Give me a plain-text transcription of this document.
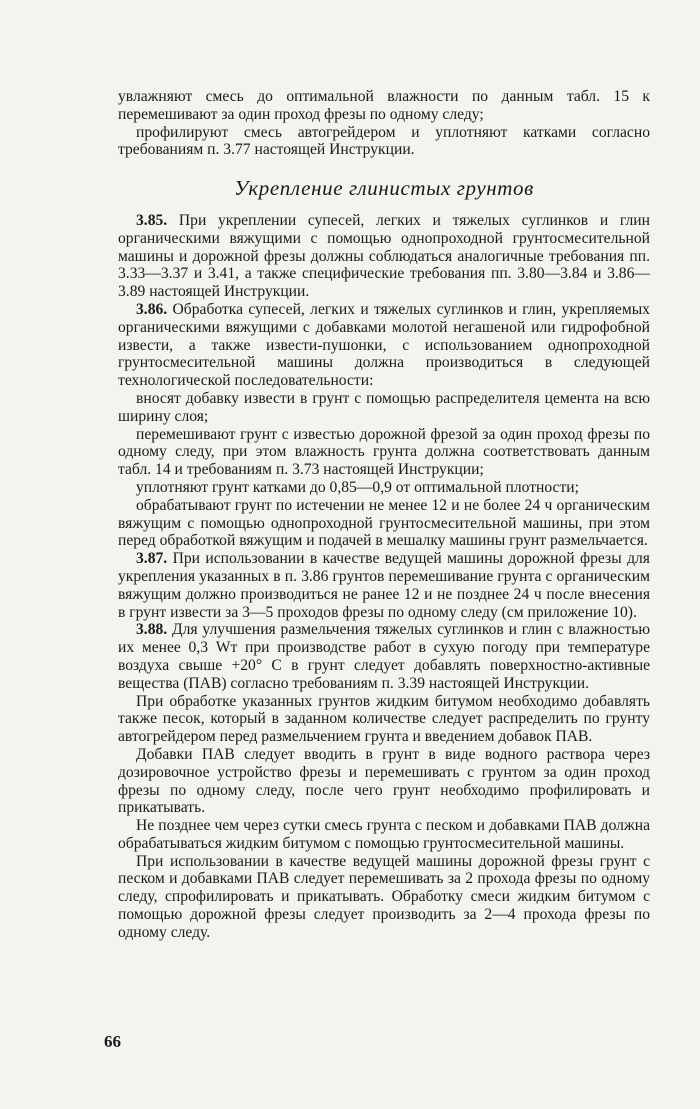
увлажняют смесь до оптимальной влажности по данным табл. 15 к перемешивают за один проход фрезы по одному следу;

профилируют смесь автогрейдером и уплотняют катками согласно требованиям п. 3.77 настоящей Инструкции.

Укрепление глинистых грунтов

3.85. При укреплении супесей, легких и тяжелых суглинков и глин органическими вяжущими с помощью однопроходной грунтосмесительной машины и дорожной фрезы должны соблюдаться аналогичные требования пп. 3.33—3.37 и 3.41, а также специфические требования пп. 3.80—3.84 и 3.86—3.89 настоящей Инструкции.

3.86. Обработка супесей, легких и тяжелых суглинков и глин, укрепляемых органическими вяжущими с добавками молотой негашеной или гидрофобной извести, а также извести-пушонки, с использованием однопроходной грунтосмесительной машины должна производиться в следующей технологической последовательности:

вносят добавку извести в грунт с помощью распределителя цемента на всю ширину слоя;

перемешивают грунт с известью дорожной фрезой за один проход фрезы по одному следу, при этом влажность грунта должна соответствовать данным табл. 14 и требованиям п. 3.73 настоящей Инструкции;

уплотняют грунт катками до 0,85—0,9 от оптимальной плотности;

обрабатывают грунт по истечении не менее 12 и не более 24 ч органическим вяжущим с помощью однопроходной грунтосмесительной машины, при этом перед обработкой вяжущим и подачей в мешалку машины грунт размельчается.

3.87. При использовании в качестве ведущей машины дорожной фрезы для укрепления указанных в п. 3.86 грунтов перемешивание грунта с органическим вяжущим должно производиться не ранее 12 и не позднее 24 ч после внесения в грунт извести за 3—5 проходов фрезы по одному следу (см приложение 10).

3.88. Для улучшения размельчения тяжелых суглинков и глин с влажностью их менее 0,3 Wт при производстве работ в сухую погоду при температуре воздуха свыше +20° С в грунт следует добавлять поверхностно-активные вещества (ПАВ) согласно требованиям п. 3.39 настоящей Инструкции.

При обработке указанных грунтов жидким битумом необходимо добавлять также песок, который в заданном количестве следует распределить по грунту автогрейдером перед размельчением грунта и введением добавок ПАВ.

Добавки ПАВ следует вводить в грунт в виде водного раствора через дозировочное устройство фрезы и перемешивать с грунтом за один проход фрезы по одному следу, после чего грунт необходимо профилировать и прикатывать.

Не позднее чем через сутки смесь грунта с песком и добавками ПАВ должна обрабатываться жидким битумом с помощью грунтосмесительной машины.

При использовании в качестве ведущей машины дорожной фрезы грунт с песком и добавками ПАВ следует перемешивать за 2 прохода фрезы по одному следу, спрофилировать и прикатывать. Обработку смеси жидким битумом с помощью дорожной фрезы следует производить за 2—4 прохода фрезы по одному следу.

66
